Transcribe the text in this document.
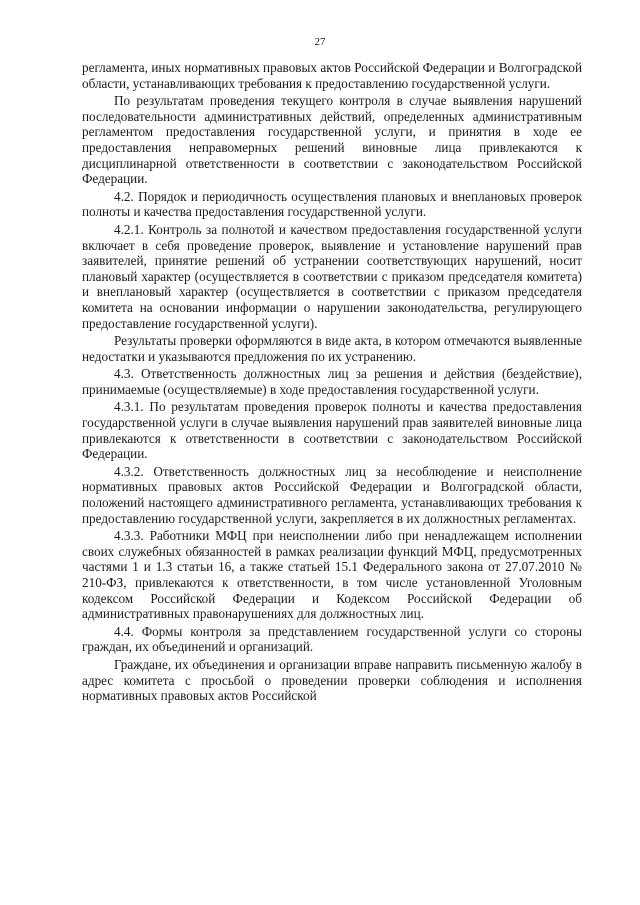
27

регламента, иных нормативных правовых актов Российской Федерации и Волгоградской области, устанавливающих требования к предоставлению государственной услуги.

По результатам проведения текущего контроля в случае выявления нарушений последовательности административных действий, определенных административным регламентом предоставления государственной услуги, и принятия в ходе ее предоставления неправомерных решений виновные лица привлекаются к дисциплинарной ответственности в соответствии с законодательством Российской Федерации.

4.2. Порядок и периодичность осуществления плановых и внеплановых проверок полноты и качества предоставления государственной услуги.

4.2.1. Контроль за полнотой и качеством предоставления государственной услуги включает в себя проведение проверок, выявление и установление нарушений прав заявителей, принятие решений об устранении соответствующих нарушений, носит плановый характер (осуществляется в соответствии с приказом председателя комитета) и внеплановый характер (осуществляется в соответствии с приказом председателя комитета на основании информации о нарушении законодательства, регулирующего предоставление государственной услуги).

Результаты проверки оформляются в виде акта, в котором отмечаются выявленные недостатки и указываются предложения по их устранению.

4.3. Ответственность должностных лиц за решения и действия (бездействие), принимаемые (осуществляемые) в ходе предоставления государственной услуги.

4.3.1. По результатам проведения проверок полноты и качества предоставления государственной услуги в случае выявления нарушений прав заявителей виновные лица привлекаются к ответственности в соответствии с законодательством Российской Федерации.

4.3.2. Ответственность должностных лиц за несоблюдение и неисполнение нормативных правовых актов Российской Федерации и Волгоградской области, положений настоящего административного регламента, устанавливающих требования к предоставлению государственной услуги, закрепляется в их должностных регламентах.

4.3.3. Работники МФЦ при неисполнении либо при ненадлежащем исполнении своих служебных обязанностей в рамках реализации функций МФЦ, предусмотренных частями 1 и 1.3 статьи 16, а также статьей 15.1 Федерального закона от 27.07.2010 № 210-ФЗ, привлекаются к ответственности, в том числе установленной Уголовным кодексом Российской Федерации и Кодексом Российской Федерации об административных правонарушениях для должностных лиц.

4.4. Формы контроля за представлением государственной услуги со стороны граждан, их объединений и организаций.

Граждане, их объединения и организации вправе направить письменную жалобу в адрес комитета с просьбой о проведении проверки соблюдения и исполнения нормативных правовых актов Российской
